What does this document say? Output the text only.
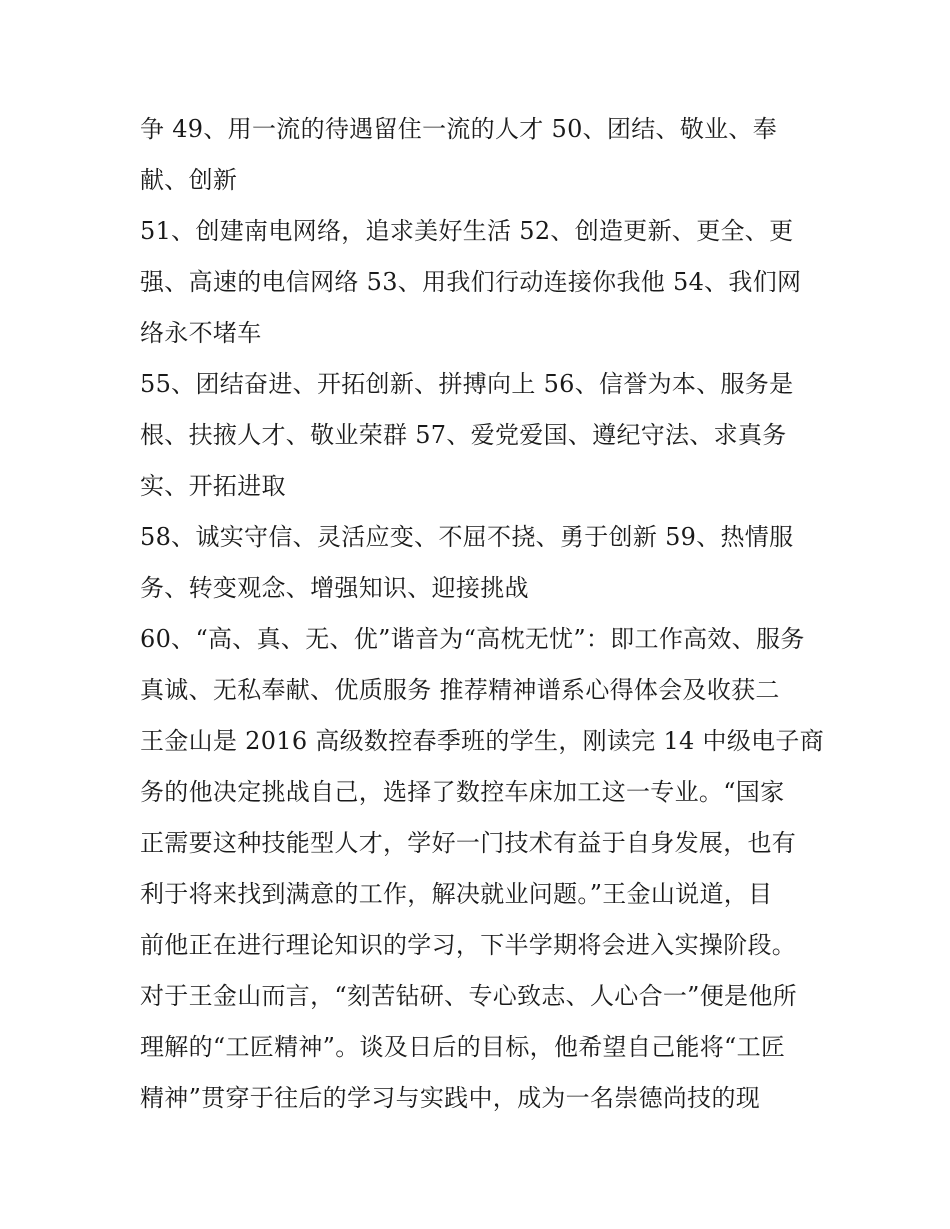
争 49、用一流的待遇留住一流的人才 50、团结、敬业、奉
献、创新
51、创建南电网络，追求美好生活 52、创造更新、更全、更
强、高速的电信网络 53、用我们行动连接你我他 54、我们网
络永不堵车
55、团结奋进、开拓创新、拼搏向上 56、信誉为本、服务是
根、扶掖人才、敬业荣群 57、爱党爱国、遵纪守法、求真务
实、开拓进取
58、诚实守信、灵活应变、不屈不挠、勇于创新 59、热情服
务、转变观念、增强知识、迎接挑战
60、“高、真、无、优”谐音为“高枕无忧”：即工作高效、服务
真诚、无私奉献、优质服务 推荐精神谱系心得体会及收获二
王金山是 2016 高级数控春季班的学生，刚读完 14 中级电子商
务的他决定挑战自己，选择了数控车床加工这一专业。“国家
正需要这种技能型人才，学好一门技术有益于自身发展，也有
利于将来找到满意的工作，解决就业问题。”王金山说道，目
前他正在进行理论知识的学习，下半学期将会进入实操阶段。
对于王金山而言，“刻苦钻研、专心致志、人心合一”便是他所
理解的“工匠精神”。谈及日后的目标，他希望自己能将“工匠
精神”贯穿于往后的学习与实践中，成为一名崇德尚技的现
